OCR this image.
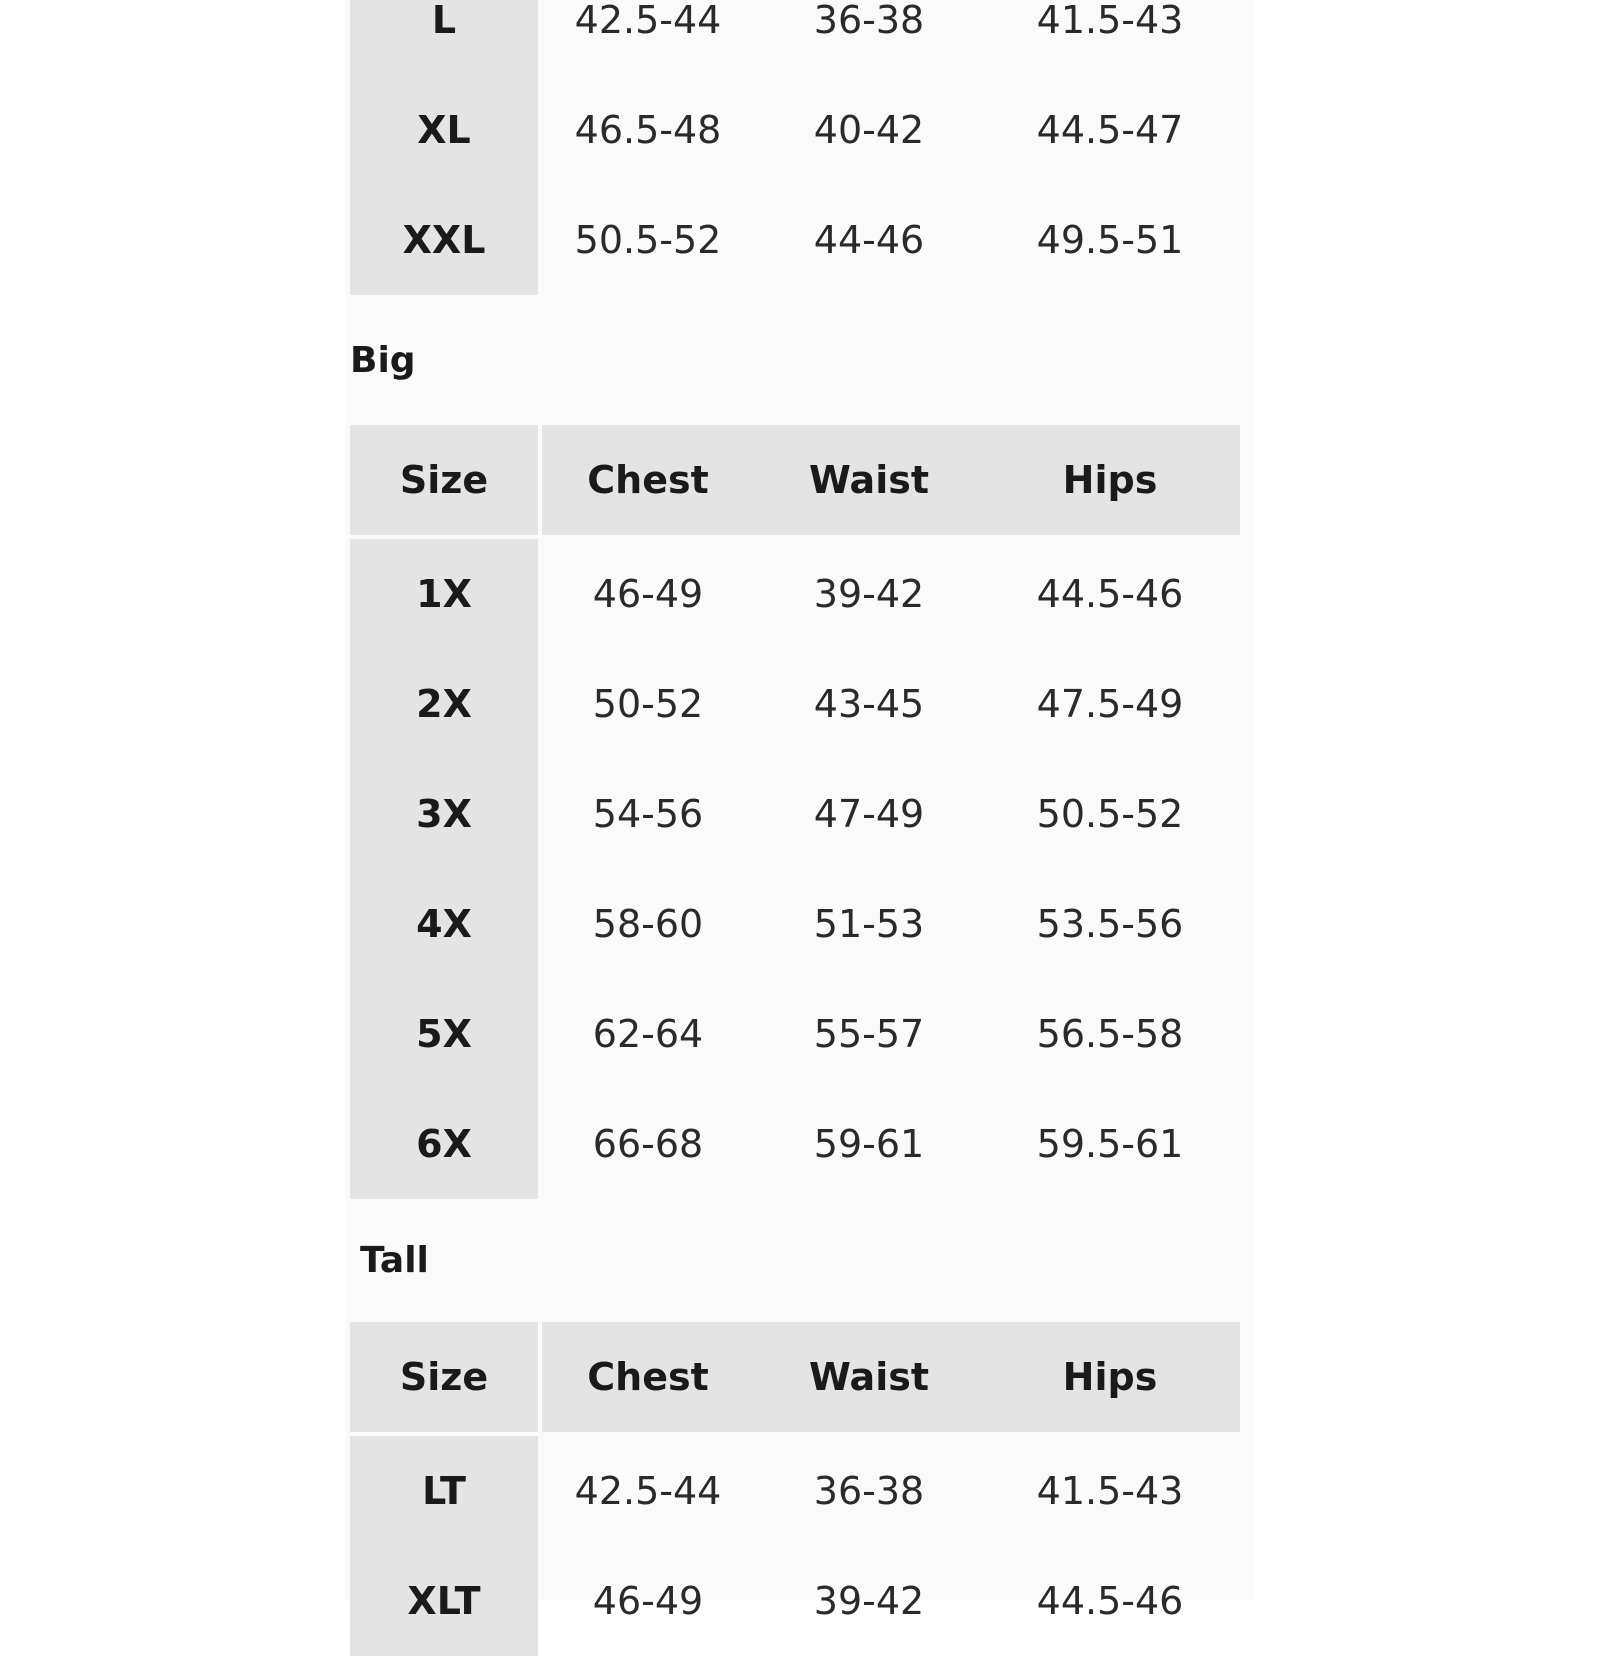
L	42.5-44	36-38	41.5-43
XL	46.5-48	40-42	44.5-47
XXL	50.5-52	44-46	49.5-51
Big
Size	Chest	Waist	Hips
1X	46-49	39-42	44.5-46
2X	50-52	43-45	47.5-49
3X	54-56	47-49	50.5-52
4X	58-60	51-53	53.5-56
5X	62-64	55-57	56.5-58
6X	66-68	59-61	59.5-61
Tall
Size	Chest	Waist	Hips
LT	42.5-44	36-38	41.5-43
XLT	46-49	39-42	44.5-46
